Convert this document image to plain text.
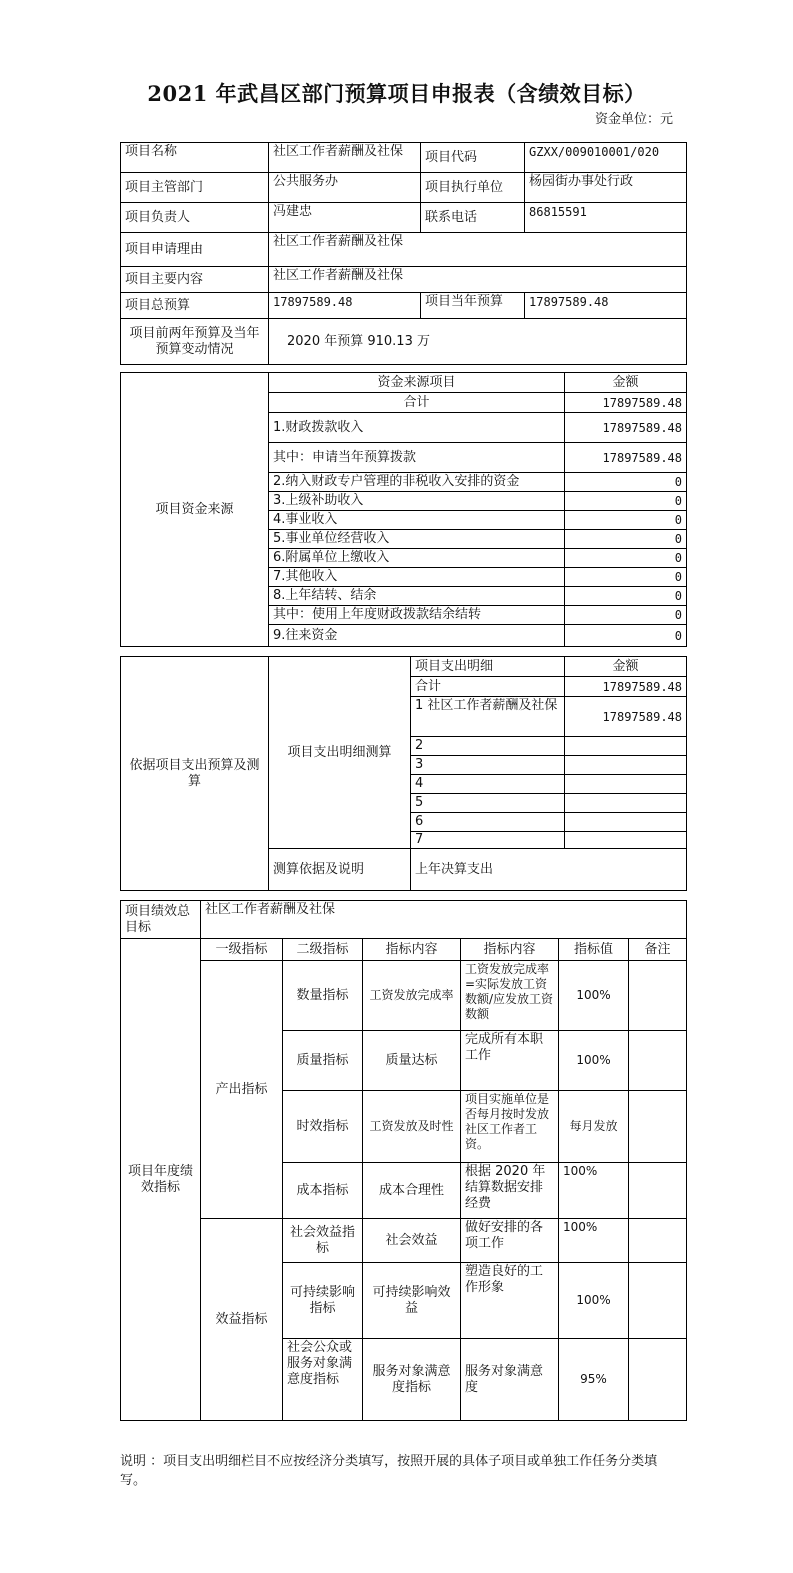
2021 年武昌区部门预算项目申报表（含绩效目标）
资金单位：元
项目名称	社区工作者薪酬及社保	项目代码	GZXX/009010001/020
项目主管部门	公共服务办	项目执行单位	杨园街办事处行政
项目负责人	冯建忠	联系电话	86815591
项目申请理由	社区工作者薪酬及社保		
项目主要内容	社区工作者薪酬及社保		
项目总预算	17897589.48	项目当年预算	17897589.48
项目前两年预算及当年预算变动情况	2020 年预算 910.13 万		
项目资金来源	资金来源项目	金额
	合计	17897589.48
	1.财政拨款收入	17897589.48
	其中：申请当年预算拨款	17897589.48
	2.纳入财政专户管理的非税收入安排的资金	0
	3.上级补助收入	0
	4.事业收入	0
	5.事业单位经营收入	0
	6.附属单位上缴收入	0
	7.其他收入	0
	8.上年结转、结余	0
	其中：使用上年度财政拨款结余结转	0
	9.往来资金	0
依据项目支出预算及测算	项目支出明细测算	项目支出明细	金额
		合计	17897589.48
		1 社区工作者薪酬及社保	17897589.48
		2	
		3	
		4	
		5	
		6	
		7	
	测算依据及说明	上年决算支出	
项目绩效总目标	社区工作者薪酬及社保					
项目年度绩效指标	一级指标	二级指标	指标内容	指标内容	指标值	备注
	产出指标	数量指标	工资发放完成率	工资发放完成率=实际发放工资数额/应发放工资数额	100%	
		质量指标	质量达标	完成所有本职工作	100%	
		时效指标	工资发放及时性	项目实施单位是否每月按时发放社区工作者工资。	每月发放	
		成本指标	成本合理性	根据 2020 年结算数据安排经费	100%	
	效益指标	社会效益指标	社会效益	做好安排的各项工作	100%	
		可持续影响指标	可持续影响效益	塑造良好的工作形象	100%	
		社会公众或服务对象满意度指标	服务对象满意度指标	服务对象满意度	95%	
说明 ：项目支出明细栏目不应按经济分类填写，按照开展的具体子项目或单独工作任务分类填写。
